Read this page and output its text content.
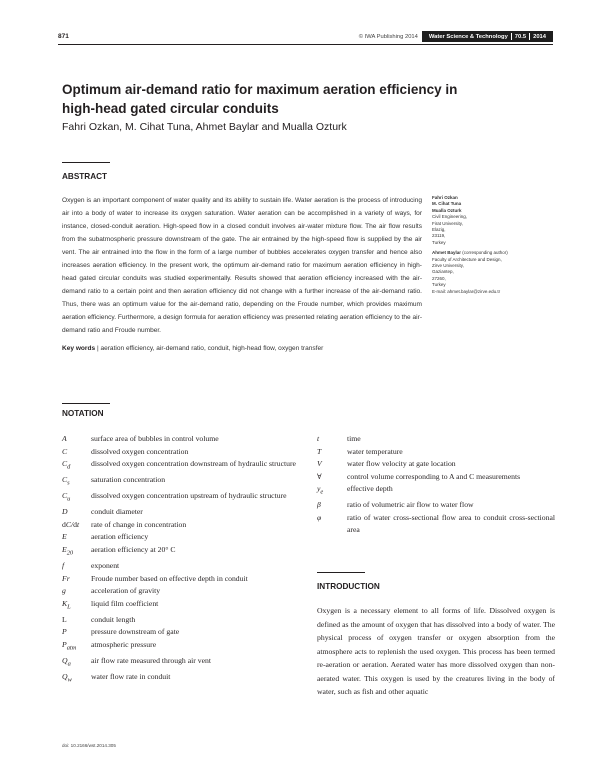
871	© IWA Publishing 2014	Water Science & Technology	70.5	2014
Optimum air-demand ratio for maximum aeration efficiency in high-head gated circular conduits
Fahri Ozkan, M. Cihat Tuna, Ahmet Baylar and Mualla Ozturk
ABSTRACT
Oxygen is an important component of water quality and its ability to sustain life. Water aeration is the process of introducing air into a body of water to increase its oxygen saturation. Water aeration can be accomplished in a variety of ways, for instance, closed-conduit aeration. High-speed flow in a closed conduit involves air-water mixture flow. The air flow results from the subatmospheric pressure downstream of the gate. The air entrained by the high-speed flow is supplied by the air vent. The air entrained into the flow in the form of a large number of bubbles accelerates oxygen transfer and hence also increases aeration efficiency. In the present work, the optimum air-demand ratio for maximum aeration efficiency in high-head gated circular conduits was studied experimentally. Results showed that aeration efficiency increased with the air-demand ratio to a certain point and then aeration efficiency did not change with a further increase of the air-demand ratio. Thus, there was an optimum value for the air-demand ratio, depending on the Froude number, which provides maximum aeration efficiency. Furthermore, a design formula for aeration efficiency was presented relating aeration efficiency to the air-demand ratio and Froude number.
Key words | aeration efficiency, air-demand ratio, conduit, high-head flow, oxygen transfer
Fahri Ozkan
M. Cihat Tuna
Mualla Ozturk
Civil Engineering,
Firat University,
Elazig,
23119,
Turkey
Ahmet Baylar (corresponding author)
Faculty of Architecture and Design,
Zirve University,
Gaziantep,
27260,
Turkey
E-mail: ahmet.baylar@zirve.edu.tr
NOTATION
A	surface area of bubbles in control volume
C	dissolved oxygen concentration
$C_d$	dissolved oxygen concentration downstream of hydraulic structure
$C_s$	saturation concentration
$C_u$	dissolved oxygen concentration upstream of hydraulic structure
D	conduit diameter
dC/dt	rate of change in concentration
E	aeration efficiency
$E_{20}$	aeration efficiency at 20° C
f	exponent
Fr	Froude number based on effective depth in conduit
g	acceleration of gravity
$K_L$	liquid film coefficient
L	conduit length
P	pressure downstream of gate
$P_{atm}$	atmospheric pressure
$Q_a$	air flow rate measured through air vent
$Q_w$	water flow rate in conduit
t	time
T	water temperature
V	water flow velocity at gate location
∀	control volume corresponding to A and C measurements
$y_e$	effective depth
β	ratio of volumetric air flow to water flow
φ	ratio of water cross-sectional flow area to conduit cross-sectional area
INTRODUCTION
Oxygen is a necessary element to all forms of life. Dissolved oxygen is defined as the amount of oxygen that has dissolved into a body of water. The physical process of oxygen transfer or oxygen absorption from the atmosphere acts to replenish the used oxygen. This process has been termed re-aeration or aeration. Aerated water has more dissolved oxygen than non-aerated water. This oxygen is used by the creatures living in the body of water, such as fish and other aquatic
doi: 10.2166/wst.2014.305
